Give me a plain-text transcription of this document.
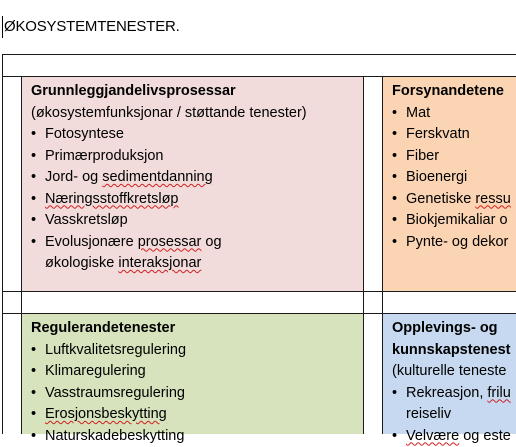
ØKOSYSTEMTENESTER.
Grunnleggjandelivsprosessar
(økosystemfunksjonar / støttande tenester)
• Fotosyntese
• Primærproduksjon
• Jord- og sedimentdanning
• Næringsstoffkretsløp
• Vasskretsløp
• Evolusjonære prosessar og
økologiske interaksjonar
Forsynandetene
• Mat
• Ferskvatn
• Fiber
• Bioenergi
• Genetiske ressu
• Biokjemikaliar o
• Pynte- og dekor
Regulerandetenester
• Luftkvalitetsregulering
• Klimaregulering
• Vasstraumsregulering
• Erosjonsbeskytting
• Naturskadebeskytting
Opplevings- og
kunnskapstenest
(kulturelle teneste
• Rekreasjon, frilu
reiseliv
• Velvære og este
